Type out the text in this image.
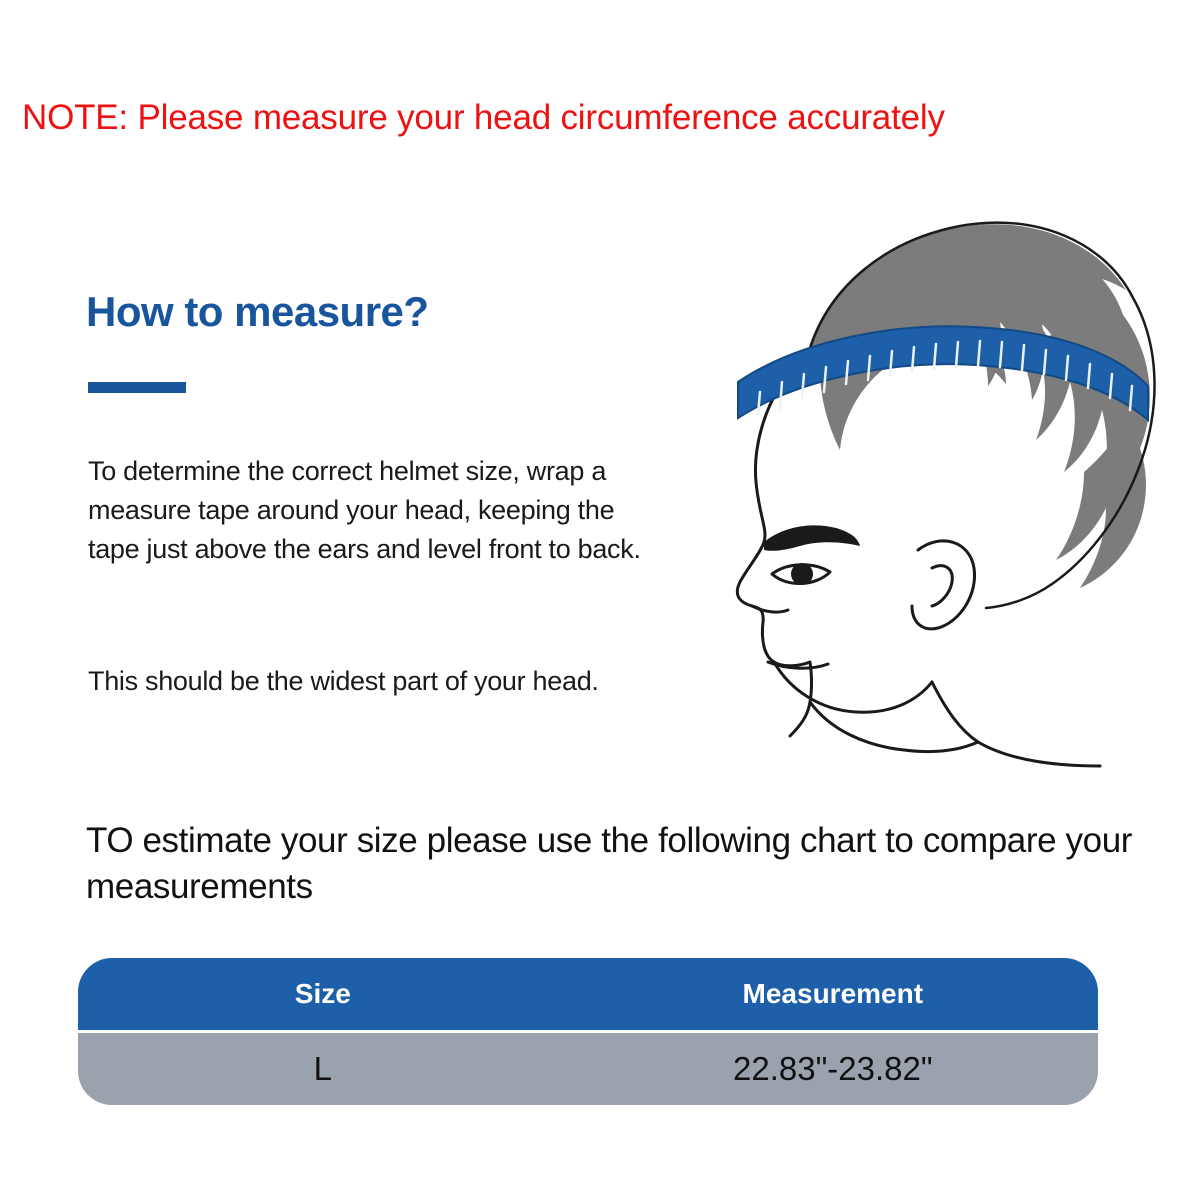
NOTE: Please measure your head circumference accurately
How to measure?
To determine the correct helmet size, wrap a measure tape around your head, keeping the tape just above the ears and level front to back.
This should be the widest part of your head.
TO estimate your size please use the following chart to compare your measurements
Size	Measurement
L	22.83"-23.82"
